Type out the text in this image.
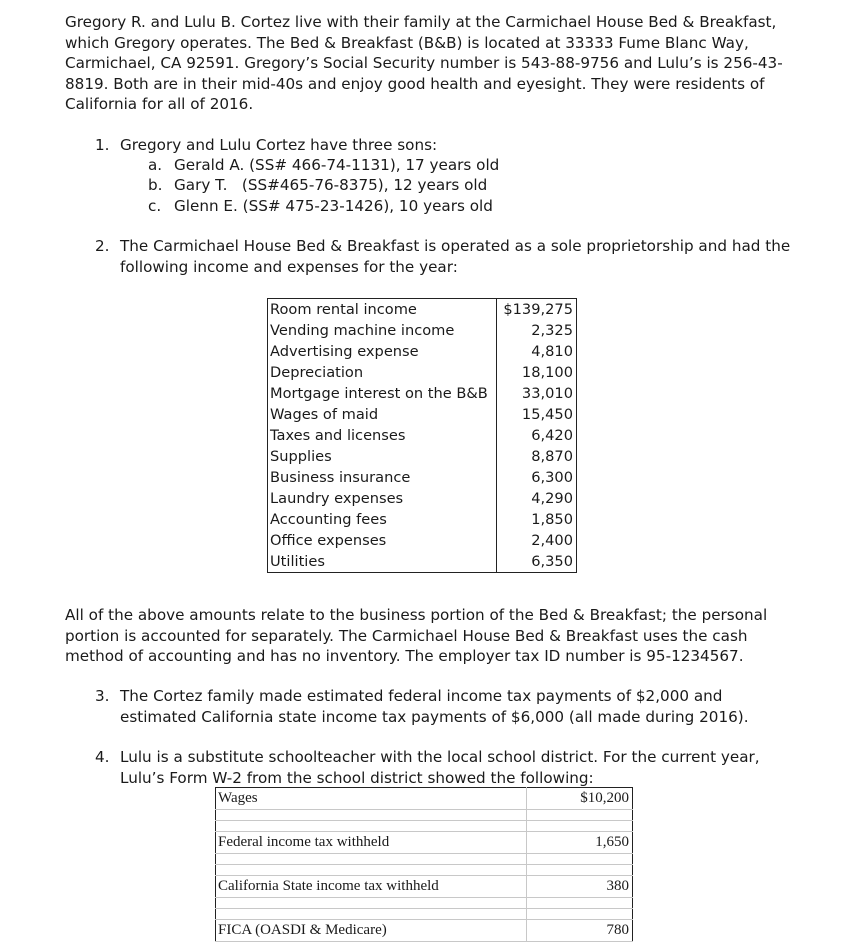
Gregory R. and Lulu B. Cortez live with their family at the Carmichael House Bed & Breakfast, which Gregory operates. The Bed & Breakfast (B&B) is located at 33333 Fume Blanc Way, Carmichael, CA 92591. Gregory’s Social Security number is 543-88-9756 and Lulu’s is 256-43-8819. Both are in their mid-40s and enjoy good health and eyesight. They were residents of California for all of 2016.

1. Gregory and Lulu Cortez have three sons:
a. Gerald A. (SS# 466-74-1131), 17 years old
b. Gary T.   (SS#465-76-8375), 12 years old
c. Glenn E. (SS# 475-23-1426), 10 years old
2. The Carmichael House Bed & Breakfast is operated as a sole proprietorship and had the following income and expenses for the year:
Room rental income	$139,275
Vending machine income	2,325
Advertising expense	4,810
Depreciation	18,100
Mortgage interest on the B&B	33,010
Wages of maid	15,450
Taxes and licenses	6,420
Supplies	8,870
Business insurance	6,300
Laundry expenses	4,290
Accounting fees	1,850
Office expenses	2,400
Utilities	6,350

All of the above amounts relate to the business portion of the Bed & Breakfast; the personal portion is accounted for separately. The Carmichael House Bed & Breakfast uses the cash method of accounting and has no inventory. The employer tax ID number is 95-1234567.

3. The Cortez family made estimated federal income tax payments of $2,000 and estimated California state income tax payments of $6,000 (all made during 2016).
4. Lulu is a substitute schoolteacher with the local school district. For the current year, Lulu’s Form W-2 from the school district showed the following:
Wages	$10,200

Federal income tax withheld	1,650

California State income tax withheld	380

FICA (OASDI & Medicare)	780
